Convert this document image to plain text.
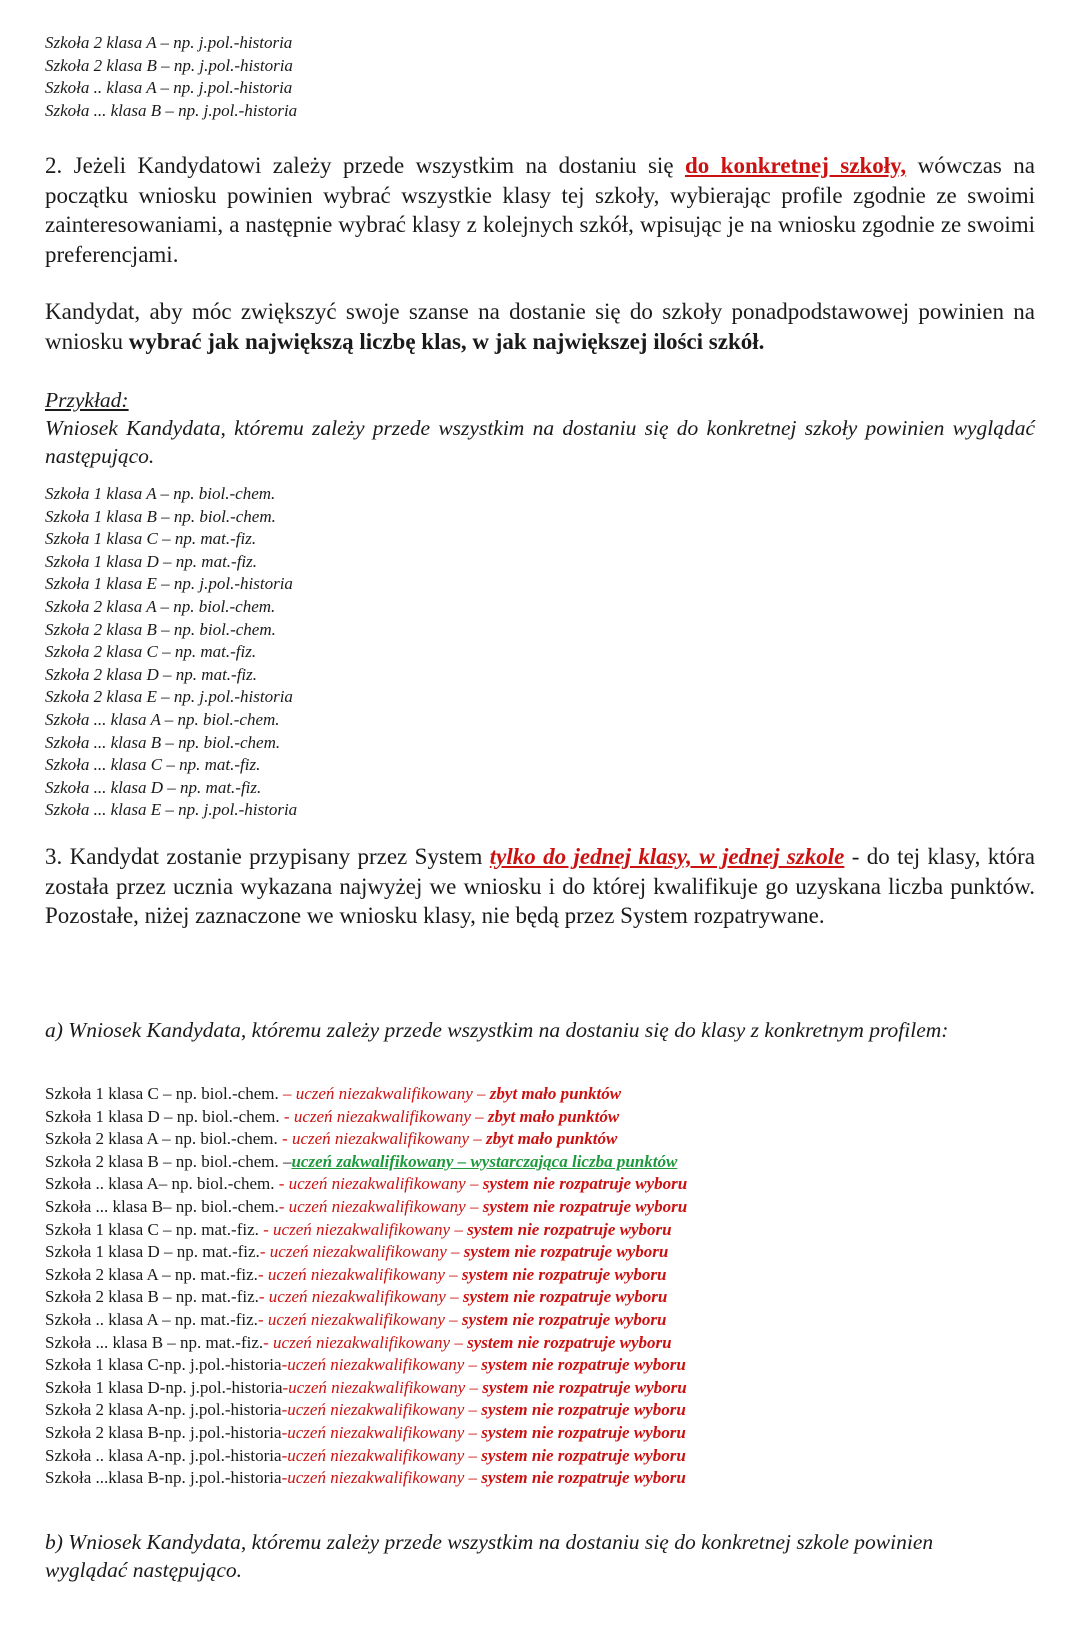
Szkoła 2 klasa A – np. j.pol.-historia
Szkoła 2 klasa B – np. j.pol.-historia
Szkoła .. klasa A – np. j.pol.-historia
Szkoła ... klasa B – np. j.pol.-historia
2. Jeżeli Kandydatowi zależy przede wszystkim na dostaniu się do konkretnej szkoły, wówczas na początku wniosku powinien wybrać wszystkie klasy tej szkoły, wybierając profile zgodnie ze swoimi zainteresowaniami, a następnie wybrać klasy z kolejnych szkół, wpisując je na wniosku zgodnie ze swoimi preferencjami.
Kandydat, aby móc zwiększyć swoje szanse na dostanie się do szkoły ponadpodstawowej powinien na wniosku wybrać jak największą liczbę klas, w jak największej ilości szkół.
Przykład:
Wniosek Kandydata, któremu zależy przede wszystkim na dostaniu się do konkretnej szkoły powinien wyglądać następująco.
Szkoła 1 klasa A – np. biol.-chem.
Szkoła 1 klasa B – np. biol.-chem.
Szkoła 1 klasa C – np. mat.-fiz.
Szkoła 1 klasa D – np. mat.-fiz.
Szkoła 1 klasa E – np. j.pol.-historia
Szkoła 2 klasa A – np. biol.-chem.
Szkoła 2 klasa B – np. biol.-chem.
Szkoła 2 klasa C – np. mat.-fiz.
Szkoła 2 klasa D – np. mat.-fiz.
Szkoła 2 klasa E – np. j.pol.-historia
Szkoła ... klasa A – np. biol.-chem.
Szkoła ... klasa B – np. biol.-chem.
Szkoła ... klasa C – np. mat.-fiz.
Szkoła ... klasa D – np. mat.-fiz.
Szkoła ... klasa E – np. j.pol.-historia
3. Kandydat zostanie przypisany przez System tylko do jednej klasy, w jednej szkole - do tej klasy, która została przez ucznia wykazana najwyżej we wniosku i do której kwalifikuje go uzyskana liczba punktów. Pozostałe, niżej zaznaczone we wniosku klasy, nie będą przez System rozpatrywane.
a) Wniosek Kandydata, któremu zależy przede wszystkim na dostaniu się do klasy z konkretnym profilem:
Szkoła 1 klasa C – np. biol.-chem. – uczeń niezakwalifikowany – zbyt mało punktów
Szkoła 1 klasa D – np. biol.-chem. - uczeń niezakwalifikowany – zbyt mało punktów
Szkoła 2 klasa A – np. biol.-chem. - uczeń niezakwalifikowany – zbyt mało punktów
Szkoła 2 klasa B – np. biol.-chem. –uczeń zakwalifikowany – wystarczająca liczba punktów
Szkoła .. klasa A– np. biol.-chem. - uczeń niezakwalifikowany – system nie rozpatruje wyboru
Szkoła ... klasa B– np. biol.-chem.- uczeń niezakwalifikowany – system nie rozpatruje wyboru
Szkoła 1 klasa C – np. mat.-fiz. - uczeń niezakwalifikowany – system nie rozpatruje wyboru
Szkoła 1 klasa D – np. mat.-fiz.- uczeń niezakwalifikowany – system nie rozpatruje wyboru
Szkoła 2 klasa A – np. mat.-fiz.- uczeń niezakwalifikowany – system nie rozpatruje wyboru
Szkoła 2 klasa B – np. mat.-fiz.- uczeń niezakwalifikowany – system nie rozpatruje wyboru
Szkoła .. klasa A – np. mat.-fiz.- uczeń niezakwalifikowany – system nie rozpatruje wyboru
Szkoła ... klasa B – np. mat.-fiz.- uczeń niezakwalifikowany – system nie rozpatruje wyboru
Szkoła 1 klasa C-np. j.pol.-historia-uczeń niezakwalifikowany – system nie rozpatruje wyboru
Szkoła 1 klasa D-np. j.pol.-historia-uczeń niezakwalifikowany – system nie rozpatruje wyboru
Szkoła 2 klasa A-np. j.pol.-historia-uczeń niezakwalifikowany – system nie rozpatruje wyboru
Szkoła 2 klasa B-np. j.pol.-historia-uczeń niezakwalifikowany – system nie rozpatruje wyboru
Szkoła .. klasa A-np. j.pol.-historia-uczeń niezakwalifikowany – system nie rozpatruje wyboru
Szkoła ...klasa B-np. j.pol.-historia-uczeń niezakwalifikowany – system nie rozpatruje wyboru
b) Wniosek Kandydata, któremu zależy przede wszystkim na dostaniu się do konkretnej szkole powinien wyglądać następująco.
